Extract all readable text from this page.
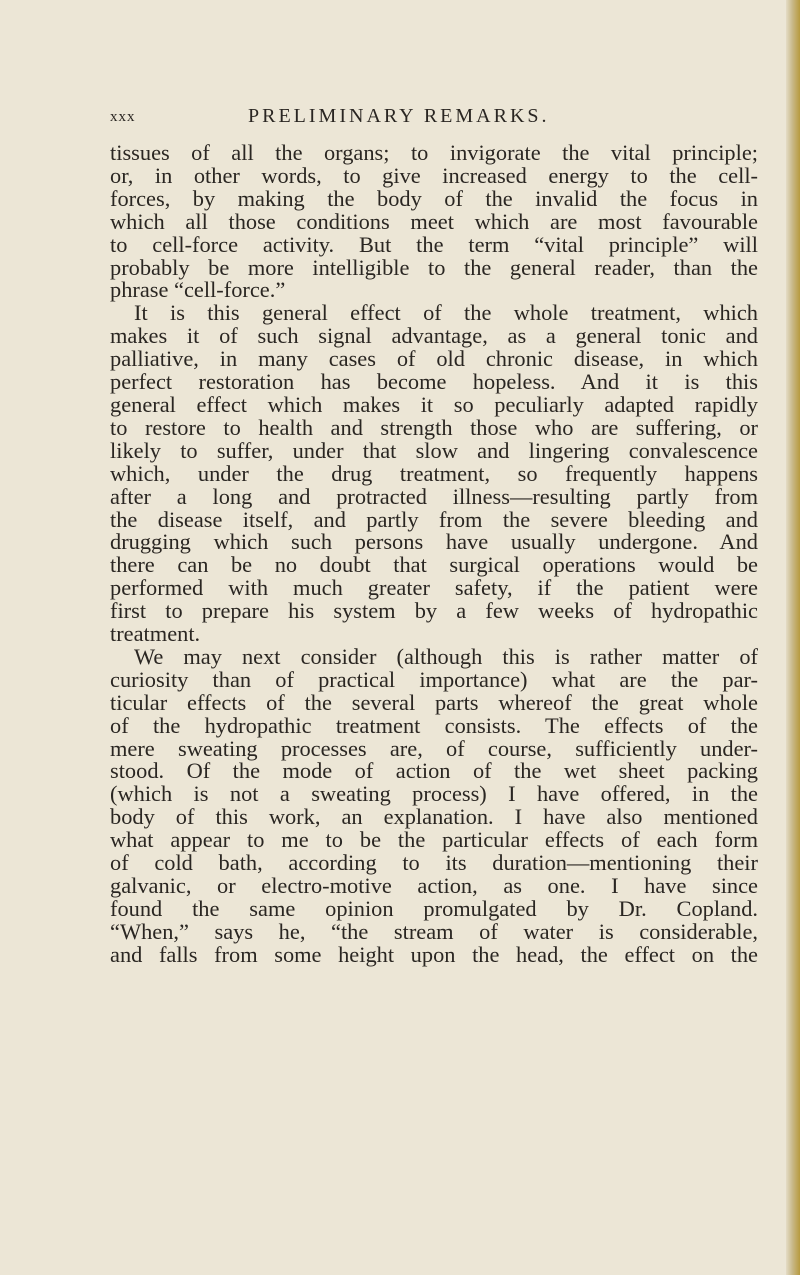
xxx	PRELIMINARY REMARKS.
tissues of all the organs; to invigorate the vital principle;
or, in other words, to give increased energy to the cell-
forces, by making the body of the invalid the focus in
which all those conditions meet which are most favourable
to cell-force activity. But the term “vital principle” will
probably be more intelligible to the general reader, than the
phrase “cell-force.”
It is this general effect of the whole treatment, which
makes it of such signal advantage, as a general tonic and
palliative, in many cases of old chronic disease, in which
perfect restoration has become hopeless. And it is this
general effect which makes it so peculiarly adapted rapidly
to restore to health and strength those who are suffering, or
likely to suffer, under that slow and lingering convalescence
which, under the drug treatment, so frequently happens
after a long and protracted illness—resulting partly from
the disease itself, and partly from the severe bleeding and
drugging which such persons have usually undergone. And
there can be no doubt that surgical operations would be
performed with much greater safety, if the patient were
first to prepare his system by a few weeks of hydropathic
treatment.
We may next consider (although this is rather matter of
curiosity than of practical importance) what are the par-
ticular effects of the several parts whereof the great whole
of the hydropathic treatment consists. The effects of the
mere sweating processes are, of course, sufficiently under-
stood. Of the mode of action of the wet sheet packing
(which is not a sweating process) I have offered, in the
body of this work, an explanation. I have also mentioned
what appear to me to be the particular effects of each form
of cold bath, according to its duration—mentioning their
galvanic, or electro-motive action, as one. I have since
found the same opinion promulgated by Dr. Copland.
“When,” says he, “the stream of water is considerable,
and falls from some height upon the head, the effect on the
